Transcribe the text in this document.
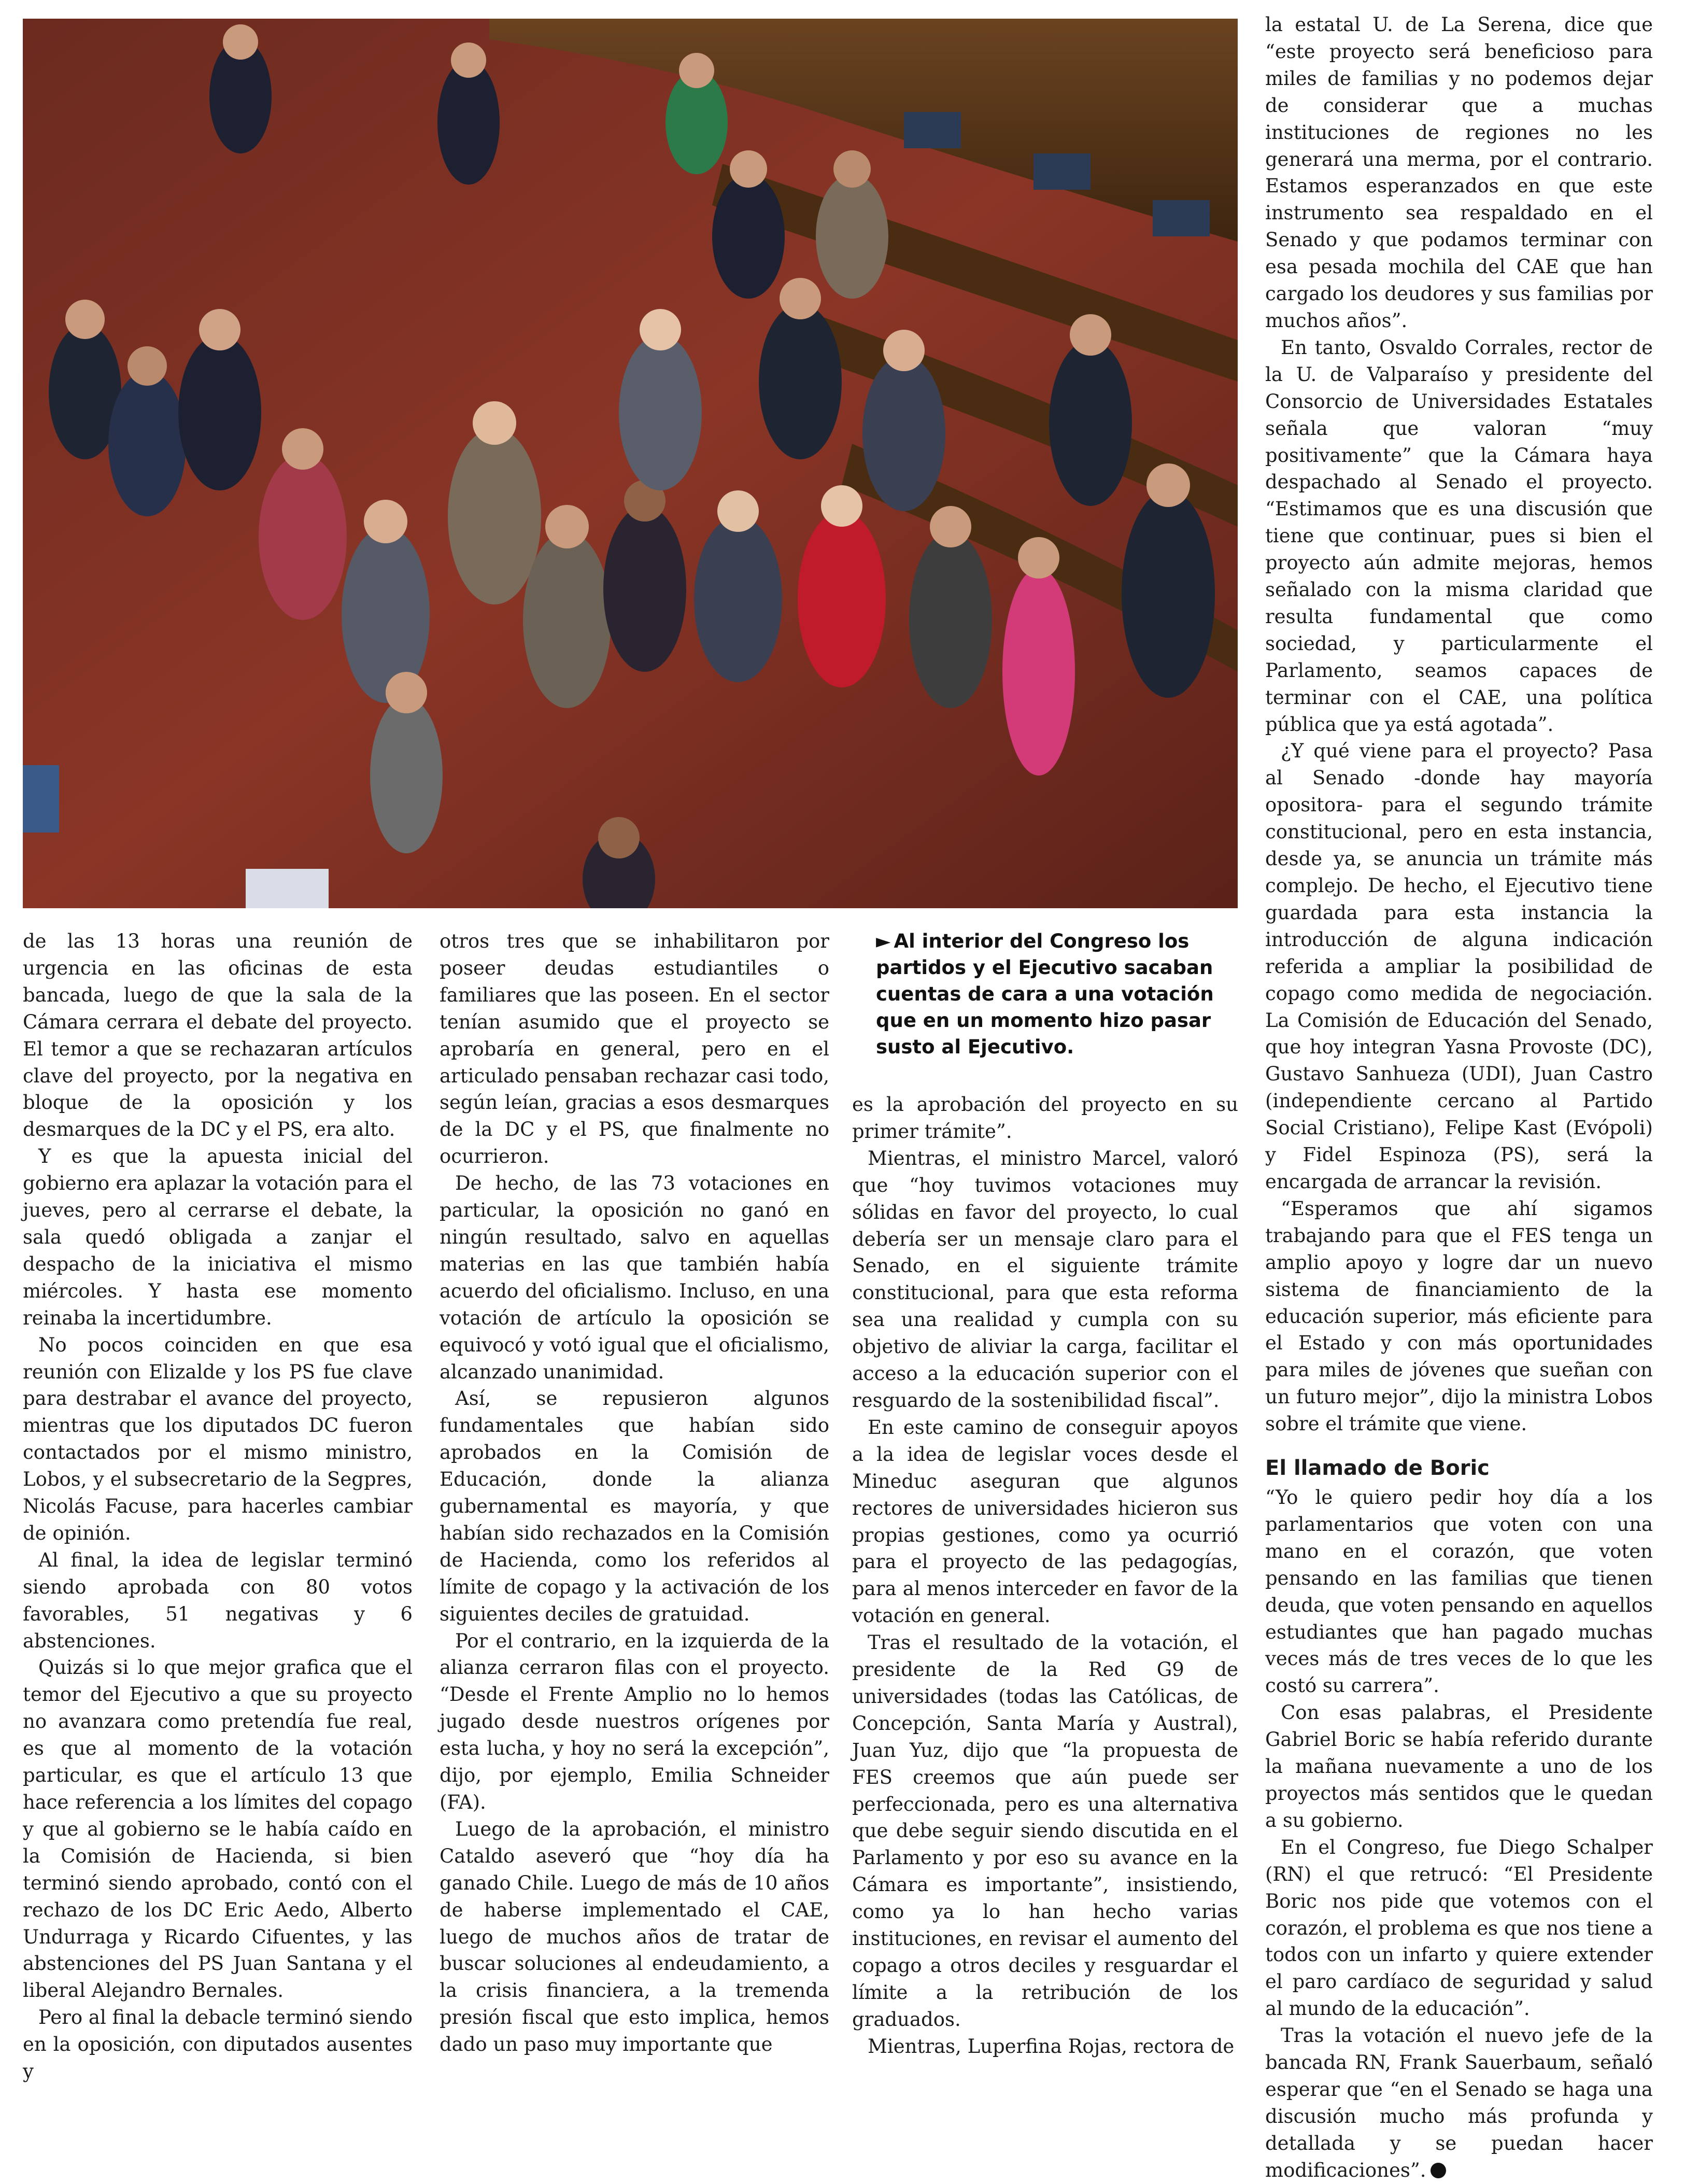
► Al interior del Congreso los partidos y el Ejecutivo sacaban cuentas de cara a una votación que en un momento hizo pasar susto al Ejecutivo.

de las 13 horas una reunión de urgencia en las oficinas de esta bancada, luego de que la sala de la Cámara cerrara el debate del proyecto. El temor a que se rechazaran artículos clave del proyecto, por la negativa en bloque de la oposición y los desmarques de la DC y el PS, era alto.

Y es que la apuesta inicial del gobierno era aplazar la votación para el jueves, pero al cerrarse el debate, la sala quedó obligada a zanjar el despacho de la iniciativa el mismo miércoles. Y hasta ese momento reinaba la incertidumbre.

No pocos coinciden en que esa reunión con Elizalde y los PS fue clave para destrabar el avance del proyecto, mientras que los diputados DC fueron contactados por el mismo ministro, Lobos, y el subsecretario de la Segpres, Nicolás Facuse, para hacerles cambiar de opinión.

Al final, la idea de legislar terminó siendo aprobada con 80 votos favorables, 51 negativas y 6 abstenciones.

Quizás si lo que mejor grafica que el temor del Ejecutivo a que su proyecto no avanzara como pretendía fue real, es que al momento de la votación particular, es que el artículo 13 que hace referencia a los límites del copago y que al gobierno se le había caído en la Comisión de Hacienda, si bien terminó siendo aprobado, contó con el rechazo de los DC Eric Aedo, Alberto Undurraga y Ricardo Cifuentes, y las abstenciones del PS Juan Santana y el liberal Alejandro Bernales.

Pero al final la debacle terminó siendo en la oposición, con diputados ausentes y

otros tres que se inhabilitaron por poseer deudas estudiantiles o familiares que las poseen. En el sector tenían asumido que el proyecto se aprobaría en general, pero en el articulado pensaban rechazar casi todo, según leían, gracias a esos desmarques de la DC y el PS, que finalmente no ocurrieron.

De hecho, de las 73 votaciones en particular, la oposición no ganó en ningún resultado, salvo en aquellas materias en las que también había acuerdo del oficialismo. Incluso, en una votación de artículo la oposición se equivocó y votó igual que el oficialismo, alcanzado unanimidad.

Así, se repusieron algunos fundamentales que habían sido aprobados en la Comisión de Educación, donde la alianza gubernamental es mayoría, y que habían sido rechazados en la Comisión de Hacienda, como los referidos al límite de copago y la activación de los siguientes deciles de gratuidad.

Por el contrario, en la izquierda de la alianza cerraron filas con el proyecto. “Desde el Frente Amplio no lo hemos jugado desde nuestros orígenes por esta lucha, y hoy no será la excepción”, dijo, por ejemplo, Emilia Schneider (FA).

Luego de la aprobación, el ministro Cataldo aseveró que “hoy día ha ganado Chile. Luego de más de 10 años de haberse implementado el CAE, luego de muchos años de tratar de buscar soluciones al endeudamiento, a la crisis financiera, a la tremenda presión fiscal que esto implica, hemos dado un paso muy importante que

es la aprobación del proyecto en su primer trámite”.

Mientras, el ministro Marcel, valoró que “hoy tuvimos votaciones muy sólidas en favor del proyecto, lo cual debería ser un mensaje claro para el Senado, en el siguiente trámite constitucional, para que esta reforma sea una realidad y cumpla con su objetivo de aliviar la carga, facilitar el acceso a la educación superior con el resguardo de la sostenibilidad fiscal”.

En este camino de conseguir apoyos a la idea de legislar voces desde el Mineduc aseguran que algunos rectores de universidades hicieron sus propias gestiones, como ya ocurrió para el proyecto de las pedagogías, para al menos interceder en favor de la votación en general.

Tras el resultado de la votación, el presidente de la Red G9 de universidades (todas las Católicas, de Concepción, Santa María y Austral), Juan Yuz, dijo que “la propuesta de FES creemos que aún puede ser perfeccionada, pero es una alternativa que debe seguir siendo discutida en el Parlamento y por eso su avance en la Cámara es importante”, insistiendo, como ya lo han hecho varias instituciones, en revisar el aumento del copago a otros deciles y resguardar el límite a la retribución de los graduados.

Mientras, Luperfina Rojas, rectora de

la estatal U. de La Serena, dice que “este proyecto será beneficioso para miles de familias y no podemos dejar de considerar que a muchas instituciones de regiones no les generará una merma, por el contrario. Estamos esperanzados en que este instrumento sea respaldado en el Senado y que podamos terminar con esa pesada mochila del CAE que han cargado los deudores y sus familias por muchos años”.

En tanto, Osvaldo Corrales, rector de la U. de Valparaíso y presidente del Consorcio de Universidades Estatales señala que valoran “muy positivamente” que la Cámara haya despachado al Senado el proyecto. “Estimamos que es una discusión que tiene que continuar, pues si bien el proyecto aún admite mejoras, hemos señalado con la misma claridad que resulta fundamental que como sociedad, y particularmente el Parlamento, seamos capaces de terminar con el CAE, una política pública que ya está agotada”.

¿Y qué viene para el proyecto? Pasa al Senado -donde hay mayoría opositora- para el segundo trámite constitucional, pero en esta instancia, desde ya, se anuncia un trámite más complejo. De hecho, el Ejecutivo tiene guardada para esta instancia la introducción de alguna indicación referida a ampliar la posibilidad de copago como medida de negociación. La Comisión de Educación del Senado, que hoy integran Yasna Provoste (DC), Gustavo Sanhueza (UDI), Juan Castro (independiente cercano al Partido Social Cristiano), Felipe Kast (Evópoli) y Fidel Espinoza (PS), será la encargada de arrancar la revisión.

“Esperamos que ahí sigamos trabajando para que el FES tenga un amplio apoyo y logre dar un nuevo sistema de financiamiento de la educación superior, más eficiente para el Estado y con más oportunidades para miles de jóvenes que sueñan con un futuro mejor”, dijo la ministra Lobos sobre el trámite que viene.

El llamado de Boric

“Yo le quiero pedir hoy día a los parlamentarios que voten con una mano en el corazón, que voten pensando en las familias que tienen deuda, que voten pensando en aquellos estudiantes que han pagado muchas veces más de tres veces de lo que les costó su carrera”.

Con esas palabras, el Presidente Gabriel Boric se había referido durante la mañana nuevamente a uno de los proyectos más sentidos que le quedan a su gobierno.

En el Congreso, fue Diego Schalper (RN) el que retrucó: “El Presidente Boric nos pide que votemos con el corazón, el problema es que nos tiene a todos con un infarto y quiere extender el paro cardíaco de seguridad y salud al mundo de la educación”.

Tras la votación el nuevo jefe de la bancada RN, Frank Sauerbaum, señaló esperar que “en el Senado se haga una discusión mucho más profunda y detallada y se puedan hacer modificaciones”.
